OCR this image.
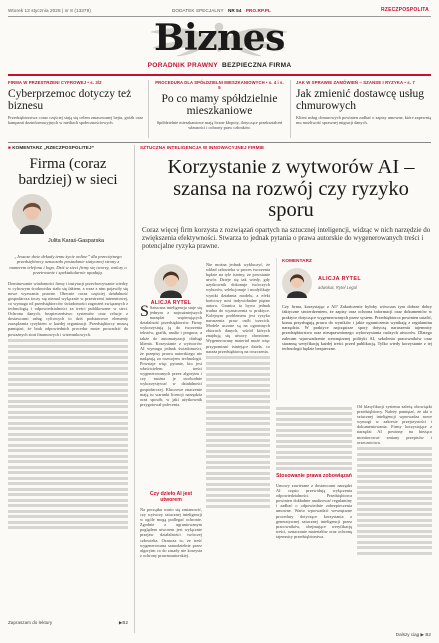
Wtorek 13 stycznia 2026 | nr 8 (13379)	DODATEK SPECJALNY NR 54 PRO.RP.PL	RZECZPOSPOLITA
Biznes
PORADNIK PRAWNY BEZPIECZNA FIRMA
FIRMA W PRZESTRZENI CYFROWEJ • s. 3/2
Cyberprzemoc dotyczy też biznesu
Przedsiębiorstwa coraz częściej stają się celem zmasowanej hejtu, gróźb oraz kampanii dezinformacyjnych w mediach społecznościowych.
PROCEDURA DLA SPÓŁDZIELNI MIESZKANIOWYCH • s. 4 i s. 5
Po co mamy spółdzielnie mieszkaniowe
Spółdzielnie mieszkaniowe mają liczne kłopoty, dotyczące przekształceń własności i ochrony praw członków.
JAK W SPRAWIE ZAMÓWIEŃ – SZANSE I RYZYKA • s. 7
Jak zmienić dostawcę usług chmurowych
Klient usług chmurowych powinien zadbać o zapisy umowne, które zapewnią mu możliwość sprawnej migracji danych.
■ KOMENTARZ „RZECZPOSPOLITEJ”
Firma (coraz bardziej) w sieci
Julita Karaś-Gasparska
„Jeszcze dwie dekady temu życie online” dla przeciętnego przedsiębiorcy oznaczało posiadanie statycznej strony z numerem telefonu i logo. Dziś w sieci firmy się tworzy, walczy o przetrwanie i spektakularnie upadają.
Dominowanie wiadomości firmy i instytucji przechowywanie wiedzy w cyfrowym środowisku stało się faktem, a wraz z nim pojawiły się nowe wyzwania prawne. Obecnie coraz częściej działalność gospodarcza toczy się niemal wyłącznie w przestrzeni internetowej, co wymaga od przedsiębiorców świadomości zagrożeń związanych z technologią i odpowiedzialności za treści publikowane w sieci. Ochrona danych, bezpieczeństwo systemów oraz relacje z dostawcami usług cyfrowych to dziś podstawowe elementy zarządzania ryzykiem w każdej organizacji. Przedsiębiorcy muszą pamiętać, że brak odpowiednich procedur może prowadzić do poważnych strat finansowych i wizerunkowych.
Zapraszam do lektury	▶B2
SZTUCZNA INTELIGENCJA W INNOWACYJNEJ FIRMIE
Korzystanie z wytworów AI – szansa na rozwój czy ryzyko sporu
Coraz więcej firm korzysta z rozwiązań opartych na sztucznej inteligencji, widząc w nich narzędzie do zwiększenia efektywności. Stwarza to jednak pytania o prawa autorskie do wygenerowanych treści i potencjalne ryzyka prawne.
ALICJA RYTEL
S Sztuczna inteligencja staje się jednym z najważniejszych narzędzi wspierających działalność przedsiębiorstw. Firmy wykorzystują ją do tworzenia tekstów, grafik, analiz i prognoz, a także do automatyzacji obsługi klienta. Korzystanie z wytworów AI wymaga jednak świadomości, że przepisy prawa autorskiego nie nadążają za rozwojem technologii. Powstaje więc pytanie, kto jest właścicielem treści wygenerowanych przez algorytm i czy można je swobodnie wykorzystywać w działalności gospodarczej. Kluczowe znaczenie mają tu warunki licencji narzędzia oraz sposób, w jaki użytkownik przygotował polecenia.
Czy dzieło AI jest utworem
Na początku warto się zastanowić, czy wytwory sztucznej inteligencji w ogóle mogą podlegać ochronie. Zgodnie z ugruntowanym poglądem utworem jest wyłącznie przejaw działalności twórczej człowieka. Oznacza to, że treść wygenerowana samodzielnie przez algorytm co do zasady nie korzysta z ochrony prawnoautorskiej.
Nie można jednak wykluczyć, że wkład człowieka w proces tworzenia będzie na tyle istotny, że powstanie utwór. Dzieje się tak wtedy, gdy użytkownik dokonuje twórczych wyborów, selekcjonuje i modyfikuje wyniki działania modelu, a efekt końcowy nosi indywidualne piętno autora. Granica ta bywa jednak trudna do wyznaczenia w praktyce. Kolejnym problemem jest ryzyko naruszenia praw osób trzecich. Modele uczone są na ogromnych zbiorach danych, wśród których znajdują się utwory chronione. Wygenerowany materiał może więc przypominać istniejące dzieła, co naraża przedsiębiorcę na roszczenia.
KOMENTARZ
ALICJA RYTEL
adwokat, Rytel Legal
Czy firma, korzystając z AI? Zakończenie byłoby wówczas tym dobrze dobry faktyczne stwierdzeniem, że zapisy oraz ochrona informacji oraz dokumentów w praktyce dotyczące wygenerowanych przez system. Przedsiębiorca powinien ustalić, komu przysługują prawa do wyników i jakie ograniczenia wynikają z regulaminu narzędzia. W praktyce najczęstsze spory dotyczą naruszenia tajemnicy przedsiębiorstwa oraz nieuprawnionego wykorzystania cudzych utworów. Dlatego zalecam wprowadzenie wewnętrznej polityki AI, szkolenia pracowników oraz staranną weryfikację każdej treści przed publikacją. Tylko wtedy korzystanie z tej technologii będzie bezpieczne.
Stosowanie prawa zobowiązań
Umowy zawierane z dostawcami narzędzi AI często przewidują wyłączenia odpowiedzialności. Przedsiębiorca powinien dokładnie analizować regulaminy i zadbać o odpowiednie zabezpieczenia umowne. Warto wprowadzić wewnętrzne procedury dotyczące korzystania z generatywnej sztucznej inteligencji przez pracowników, obejmujące weryfikację treści, oznaczanie materiałów oraz ochronę tajemnicy przedsiębiorstwa.
Od klasyfikacji systemu zależą obowiązki przedsiębiorcy. Należy pamiętać, że akt o sztucznej inteligencji wprowadza nowe wymogi w zakresie przejrzystości i dokumentowania. Firmy korzystające z narzędzi AI powinny na bieżąco monitorować zmiany przepisów i orzecznictwa.
Dalszy ciąg ▶ B2
